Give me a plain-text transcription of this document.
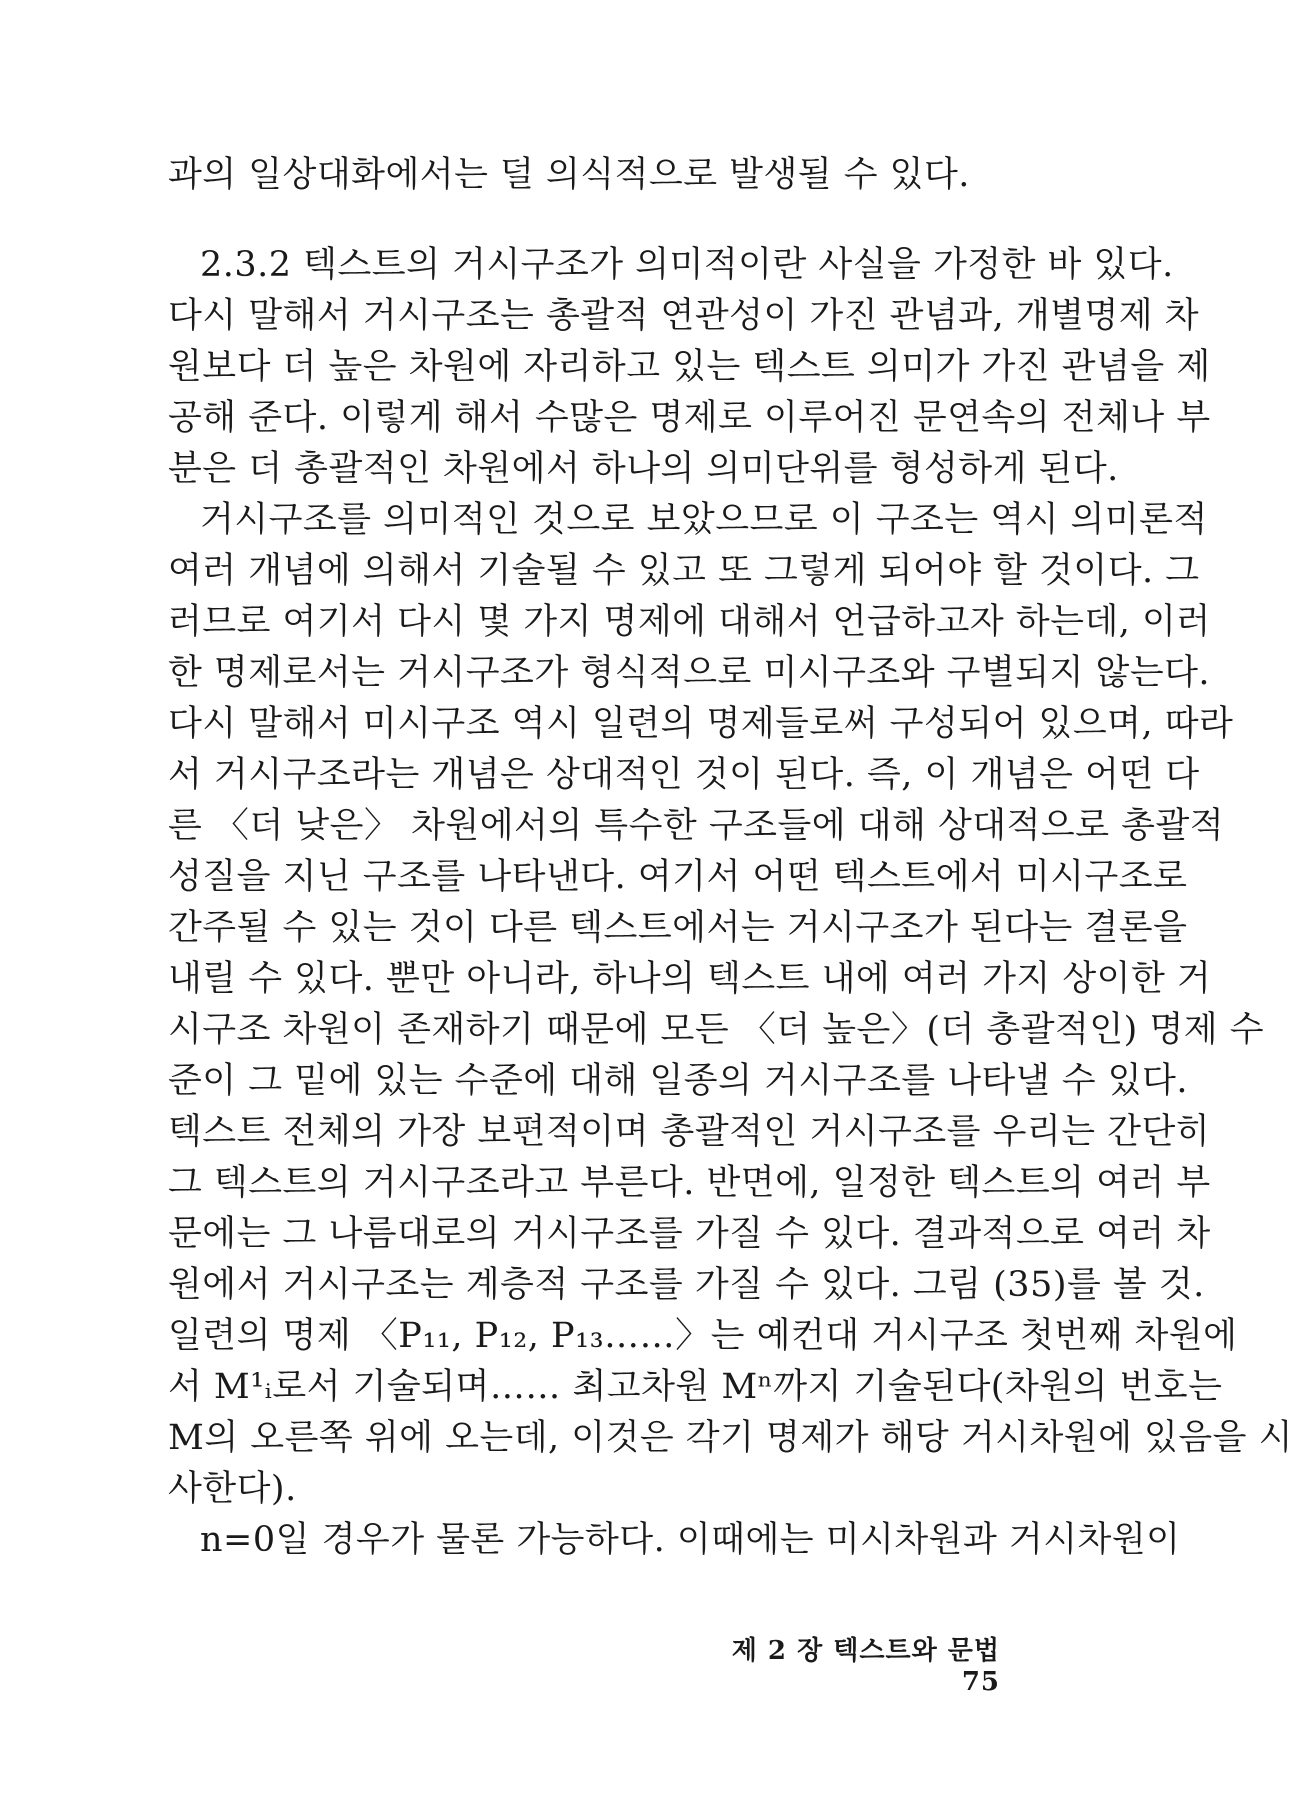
과의 일상대화에서는 덜 의식적으로 발생될 수 있다.
2.3.2 텍스트의 거시구조가 의미적이란 사실을 가정한 바 있다.
다시 말해서 거시구조는 총괄적 연관성이 가진 관념과, 개별명제 차
원보다 더 높은 차원에 자리하고 있는 텍스트 의미가 가진 관념을 제
공해 준다. 이렇게 해서 수많은 명제로 이루어진 문연속의 전체나 부
분은 더 총괄적인 차원에서 하나의 의미단위를 형성하게 된다.
거시구조를 의미적인 것으로 보았으므로 이 구조는 역시 의미론적
여러 개념에 의해서 기술될 수 있고 또 그렇게 되어야 할 것이다. 그
러므로 여기서 다시 몇 가지 명제에 대해서 언급하고자 하는데, 이러
한 명제로서는 거시구조가 형식적으로 미시구조와 구별되지 않는다.
다시 말해서 미시구조 역시 일련의 명제들로써 구성되어 있으며, 따라
서 거시구조라는 개념은 상대적인 것이 된다. 즉, 이 개념은 어떤 다
른 〈더 낮은〉 차원에서의 특수한 구조들에 대해 상대적으로 총괄적
성질을 지닌 구조를 나타낸다. 여기서 어떤 텍스트에서 미시구조로
간주될 수 있는 것이 다른 텍스트에서는 거시구조가 된다는 결론을
내릴 수 있다. 뿐만 아니라, 하나의 텍스트 내에 여러 가지 상이한 거
시구조 차원이 존재하기 때문에 모든 〈더 높은〉(더 총괄적인) 명제 수
준이 그 밑에 있는 수준에 대해 일종의 거시구조를 나타낼 수 있다.
텍스트 전체의 가장 보편적이며 총괄적인 거시구조를 우리는 간단히
그 텍스트의 거시구조라고 부른다. 반면에, 일정한 텍스트의 여러 부
문에는 그 나름대로의 거시구조를 가질 수 있다. 결과적으로 여러 차
원에서 거시구조는 계층적 구조를 가질 수 있다. 그림 (35)를 볼 것.
일련의 명제 〈P₁₁, P₁₂, P₁₃……〉는 예컨대 거시구조 첫번째 차원에
서 M¹ᵢ로서 기술되며…… 최고차원 Mⁿ까지 기술된다(차원의 번호는
M의 오른쪽 위에 오는데, 이것은 각기 명제가 해당 거시차원에 있음을 시
사한다).
n=0일 경우가 물론 가능하다. 이때에는 미시차원과 거시차원이
제 2 장 텍스트와 문법 75
